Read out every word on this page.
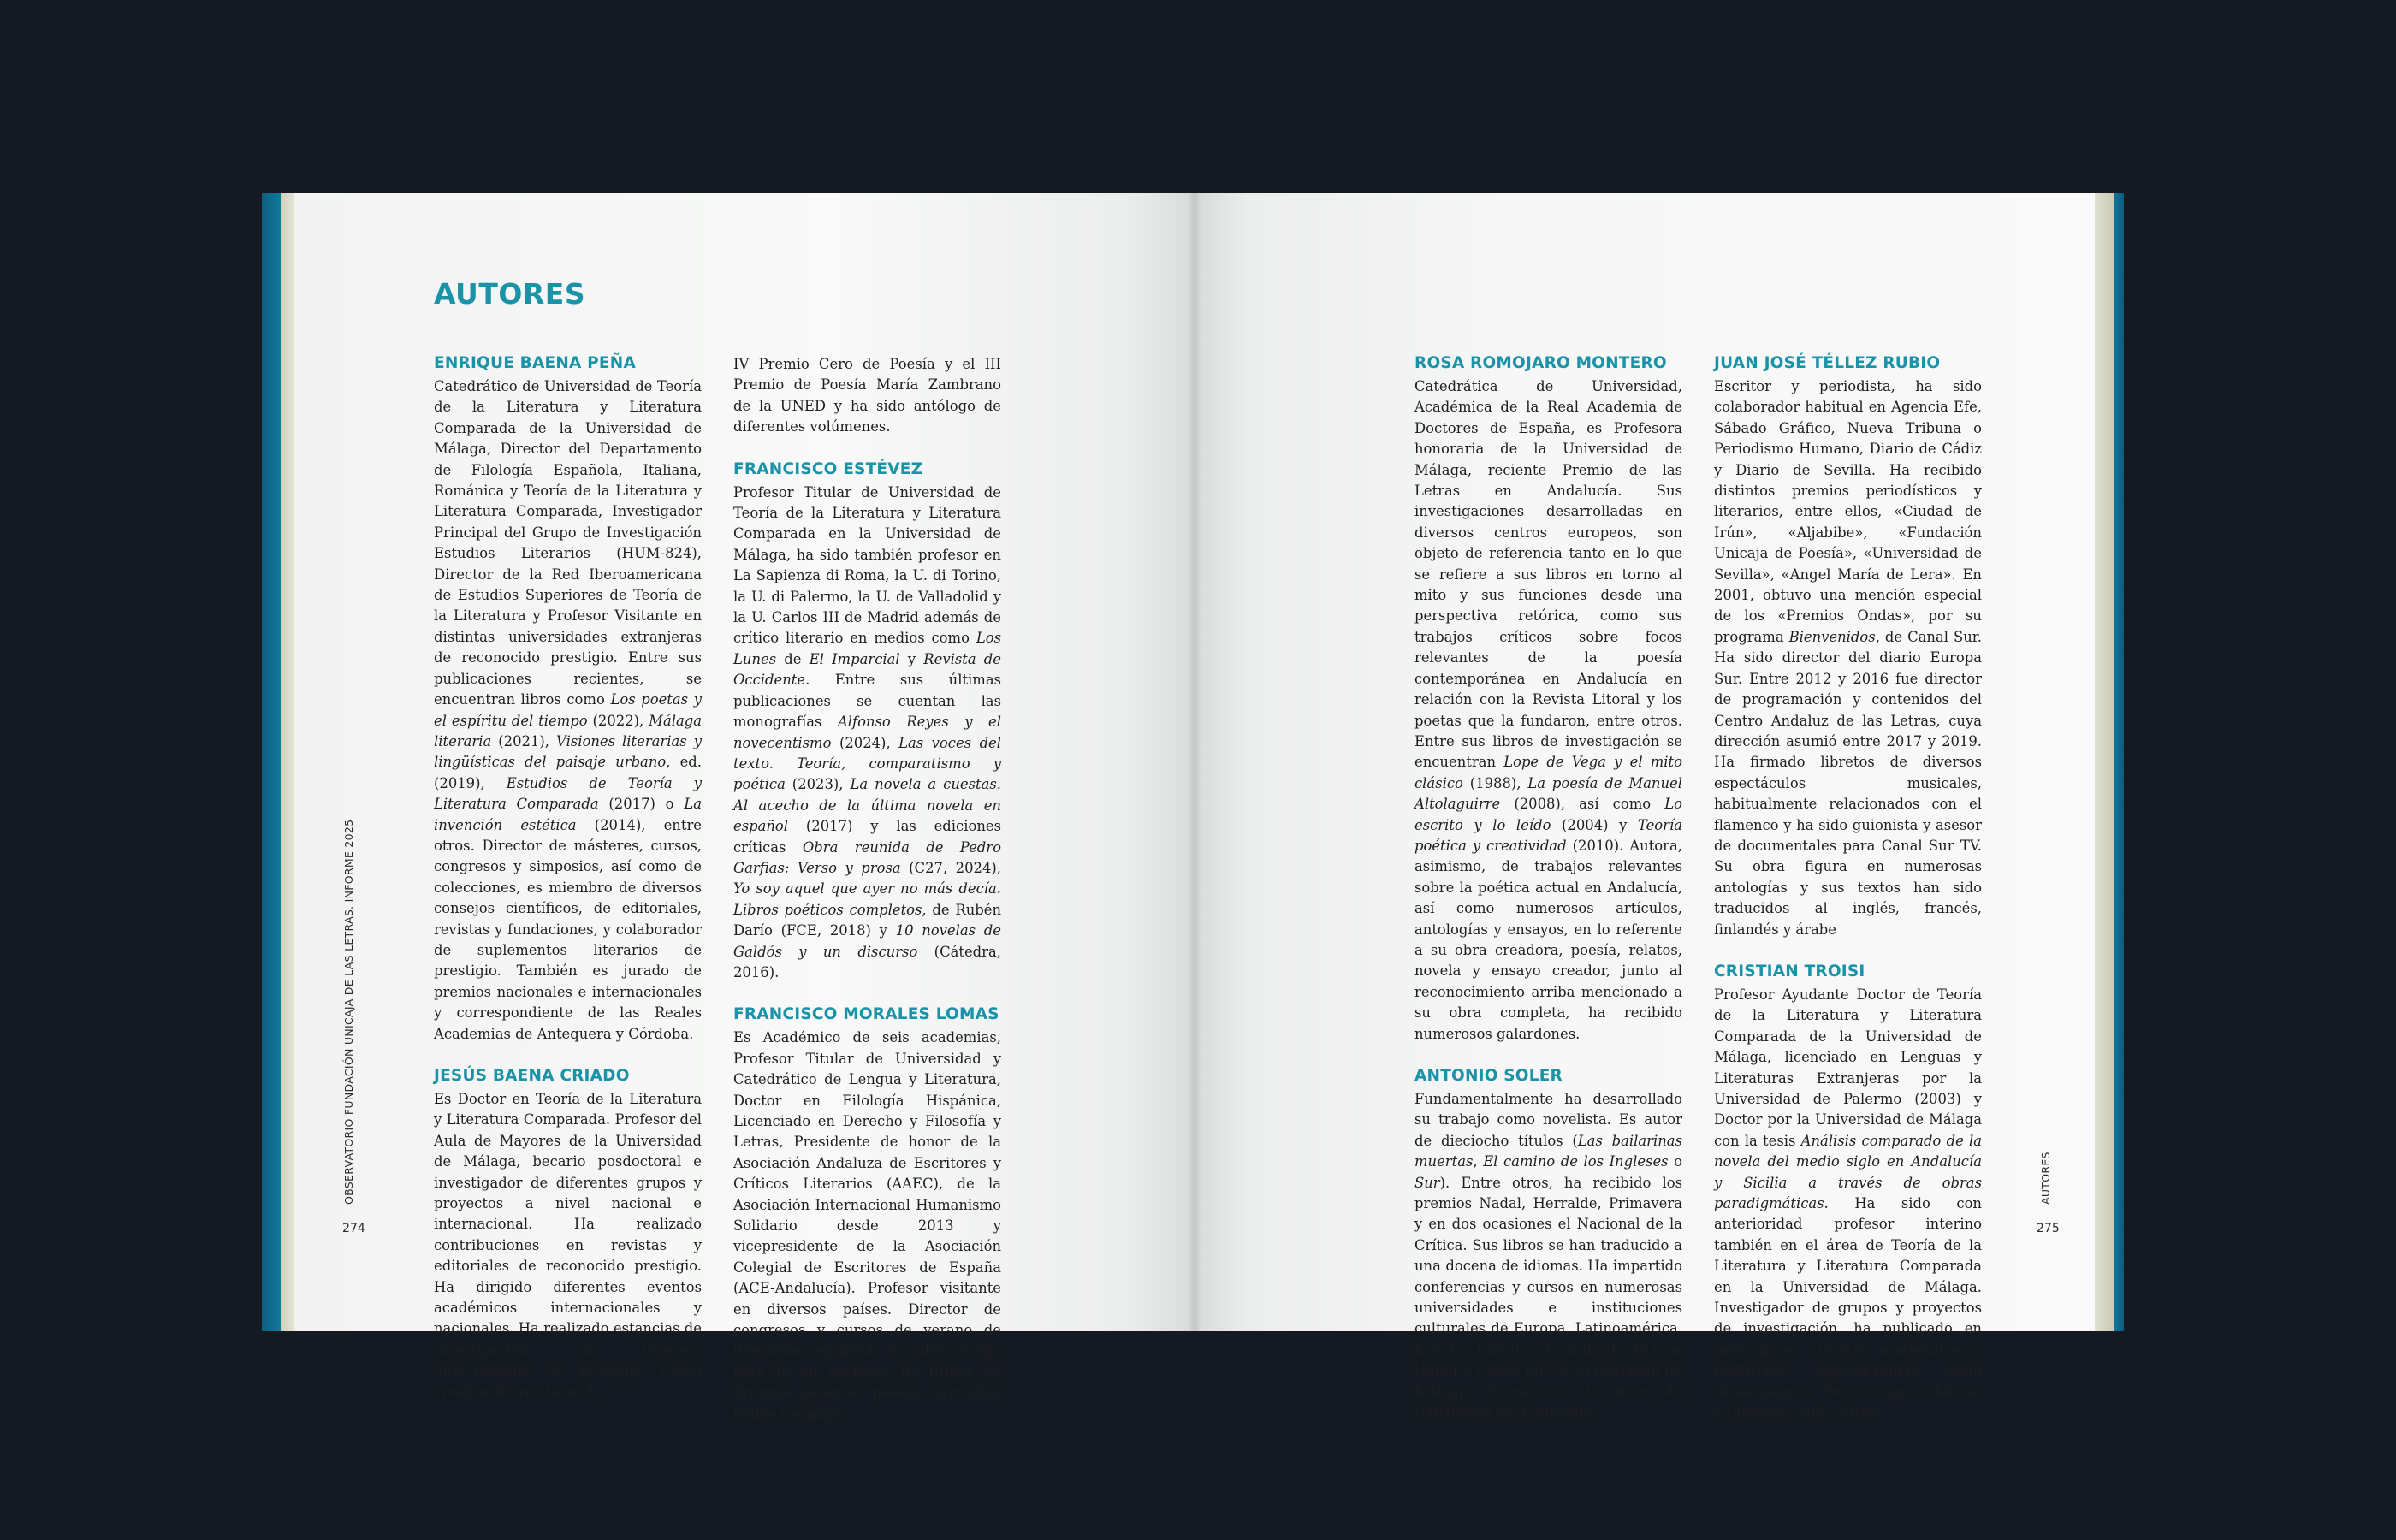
AUTORES
ENRIQUE BAENA PEÑA

Catedrático de Universidad de Teoría de la Literatura y Literatura Comparada de la Universidad de Málaga, Director del Departamento de Filología Española, Italiana, Románica y Teoría de la Literatura y Literatura Comparada, Investigador Principal del Grupo de Investigación Estudios Literarios (HUM-824), Director de la Red Iberoamericana de Estudios Superiores de Teoría de la Literatura y Profesor Visitante en distintas universidades extranjeras de reconocido prestigio. Entre sus publicaciones recientes, se encuentran libros como Los poetas y el espíritu del tiempo (2022), Málaga literaria (2021), Visiones literarias y lingüísticas del paisaje urbano, ed. (2019), Estudios de Teoría y Literatura Comparada (2017) o La invención estética (2014), entre otros. Director de másteres, cursos, congresos y simposios, así como de colecciones, es miembro de diversos consejos científicos, de editoriales, revistas y fundaciones, y colaborador de suplementos literarios de prestigio. También es jurado de premios nacionales e internacionales y correspondiente de las Reales Academias de Antequera y Córdoba.

JESÚS BAENA CRIADO

Es Doctor en Teoría de la Literatura y Literatura Comparada. Profesor del Aula de Mayores de la Universidad de Málaga, becario posdoctoral e investigador de diferentes grupos y proyectos a nivel nacional e internacional. Ha realizado contribuciones en revistas y editoriales de reconocido prestigio. Ha dirigido diferentes eventos académicos internacionales y nacionales. Ha realizado estancias de investigación en diversas universidades de prestigio. Como creador, ha recibido el

IV Premio Cero de Poesía y el III Premio de Poesía María Zambrano de la UNED y ha sido antólogo de diferentes volúmenes.

FRANCISCO ESTÉVEZ

Profesor Titular de Universidad de Teoría de la Literatura y Literatura Comparada en la Universidad de Málaga, ha sido también profesor en La Sapienza di Roma, la U. di Torino, la U. di Palermo, la U. de Valladolid y la U. Carlos III de Madrid además de crítico literario en medios como Los Lunes de El Imparcial y Revista de Occidente. Entre sus últimas publicaciones se cuentan las monografías Alfonso Reyes y el novecentismo (2024), Las voces del texto. Teoría, comparatismo y poética (2023), La novela a cuestas. Al acecho de la última novela en español (2017) y las ediciones críticas Obra reunida de Pedro Garfias: Verso y prosa (C27, 2024), Yo soy aquel que ayer no más decía. Libros poéticos completos, de Rubén Darío (FCE, 2018) y 10 novelas de Galdós y un discurso (Cátedra, 2016).

FRANCISCO MORALES LOMAS

Es Académico de seis academias, Profesor Titular de Universidad y Catedrático de Lengua y Literatura, Doctor en Filología Hispánica, Licenciado en Derecho y Filosofía y Letras, Presidente de honor de la Asociación Andaluza de Escritores y Críticos Literarios (AAEC), de la Asociación Internacional Humanismo Solidario desde 2013 y vicepresidente de la Asociación Colegial de Escritores de España (ACE-Andalucía). Profesor visitante en diversos países. Director de congresos y cursos de verano de literatura española. Su obra ocupa más de un centenar de títulos en diversos géneros: poesía, narrativa, teatro y ensayo.

OBSERVATORIO FUNDACIÓN UNICAJA DE LAS LETRAS. INFORME 2025
274
ROSA ROMOJARO MONTERO

Catedrática de Universidad, Académica de la Real Academia de Doctores de España, es Profesora honoraria de la Universidad de Málaga, reciente Premio de las Letras en Andalucía. Sus investigaciones desarrolladas en diversos centros europeos, son objeto de referencia tanto en lo que se refiere a sus libros en torno al mito y sus funciones desde una perspectiva retórica, como sus trabajos críticos sobre focos relevantes de la poesía contemporánea en Andalucía en relación con la Revista Litoral y los poetas que la fundaron, entre otros. Entre sus libros de investigación se encuentran Lope de Vega y el mito clásico (1988), La poesía de Manuel Altolaguirre (2008), así como Lo escrito y lo leído (2004) y Teoría poética y creatividad (2010). Autora, asimismo, de trabajos relevantes sobre la poética actual en Andalucía, así como numerosos artículos, antologías y ensayos, en lo referente a su obra creadora, poesía, relatos, novela y ensayo creador, junto al reconocimiento arriba mencionado a su obra completa, ha recibido numerosos galardones.

ANTONIO SOLER

Fundamentalmente ha desarrollado su trabajo como novelista. Es autor de dieciocho títulos (Las bailarinas muertas, El camino de los Ingleses o Sur). Entre otros, ha recibido los premios Nadal, Herralde, Primavera y en dos ocasiones el Nacional de la Crítica. Sus libros se han traducido a una docena de idiomas. Ha impartido conferencias y cursos en numerosas universidades e instituciones culturales de Europa, Latinoamérica, Estados Unidos y Canadá. Es Doctor Honoris Causa por la Universidad de Málaga. Pertenece a la Orden de Caballeros del Finnegans.

JUAN JOSÉ TÉLLEZ RUBIO

Escritor y periodista, ha sido colaborador habitual en Agencia Efe, Sábado Gráfico, Nueva Tribuna o Periodismo Humano, Diario de Cádiz y Diario de Sevilla. Ha recibido distintos premios periodísticos y literarios, entre ellos, «Ciudad de Irún», «Aljabibe», «Fundación Unicaja de Poesía», «Universidad de Sevilla», «Angel María de Lera». En 2001, obtuvo una mención especial de los «Premios Ondas», por su programa Bienvenidos, de Canal Sur. Ha sido director del diario Europa Sur. Entre 2012 y 2016 fue director de programación y contenidos del Centro Andaluz de las Letras, cuya dirección asumió entre 2017 y 2019. Ha firmado libretos de diversos espectáculos musicales, habitualmente relacionados con el flamenco y ha sido guionista y asesor de documentales para Canal Sur TV. Su obra figura en numerosas antologías y sus textos han sido traducidos al inglés, francés, finlandés y árabe

CRISTIAN TROISI

Profesor Ayudante Doctor de Teoría de la Literatura y Literatura Comparada de la Universidad de Málaga, licenciado en Lenguas y Literaturas Extranjeras por la Universidad de Palermo (2003) y Doctor por la Universidad de Málaga con la tesis Análisis comparado de la novela del medio siglo en Andalucía y Sicilia a través de obras paradigmáticas. Ha sido con anterioridad profesor interino también en el área de Teoría de la Literatura y Literatura Comparada en la Universidad de Málaga. Investigador de grupos y proyectos de investigación, ha publicado en prestigiosas revistas académicas y editoriales especializadas como Renacimiento, Peter Lang, Dykinson y Comares, entre otras.

AUTORES
275
